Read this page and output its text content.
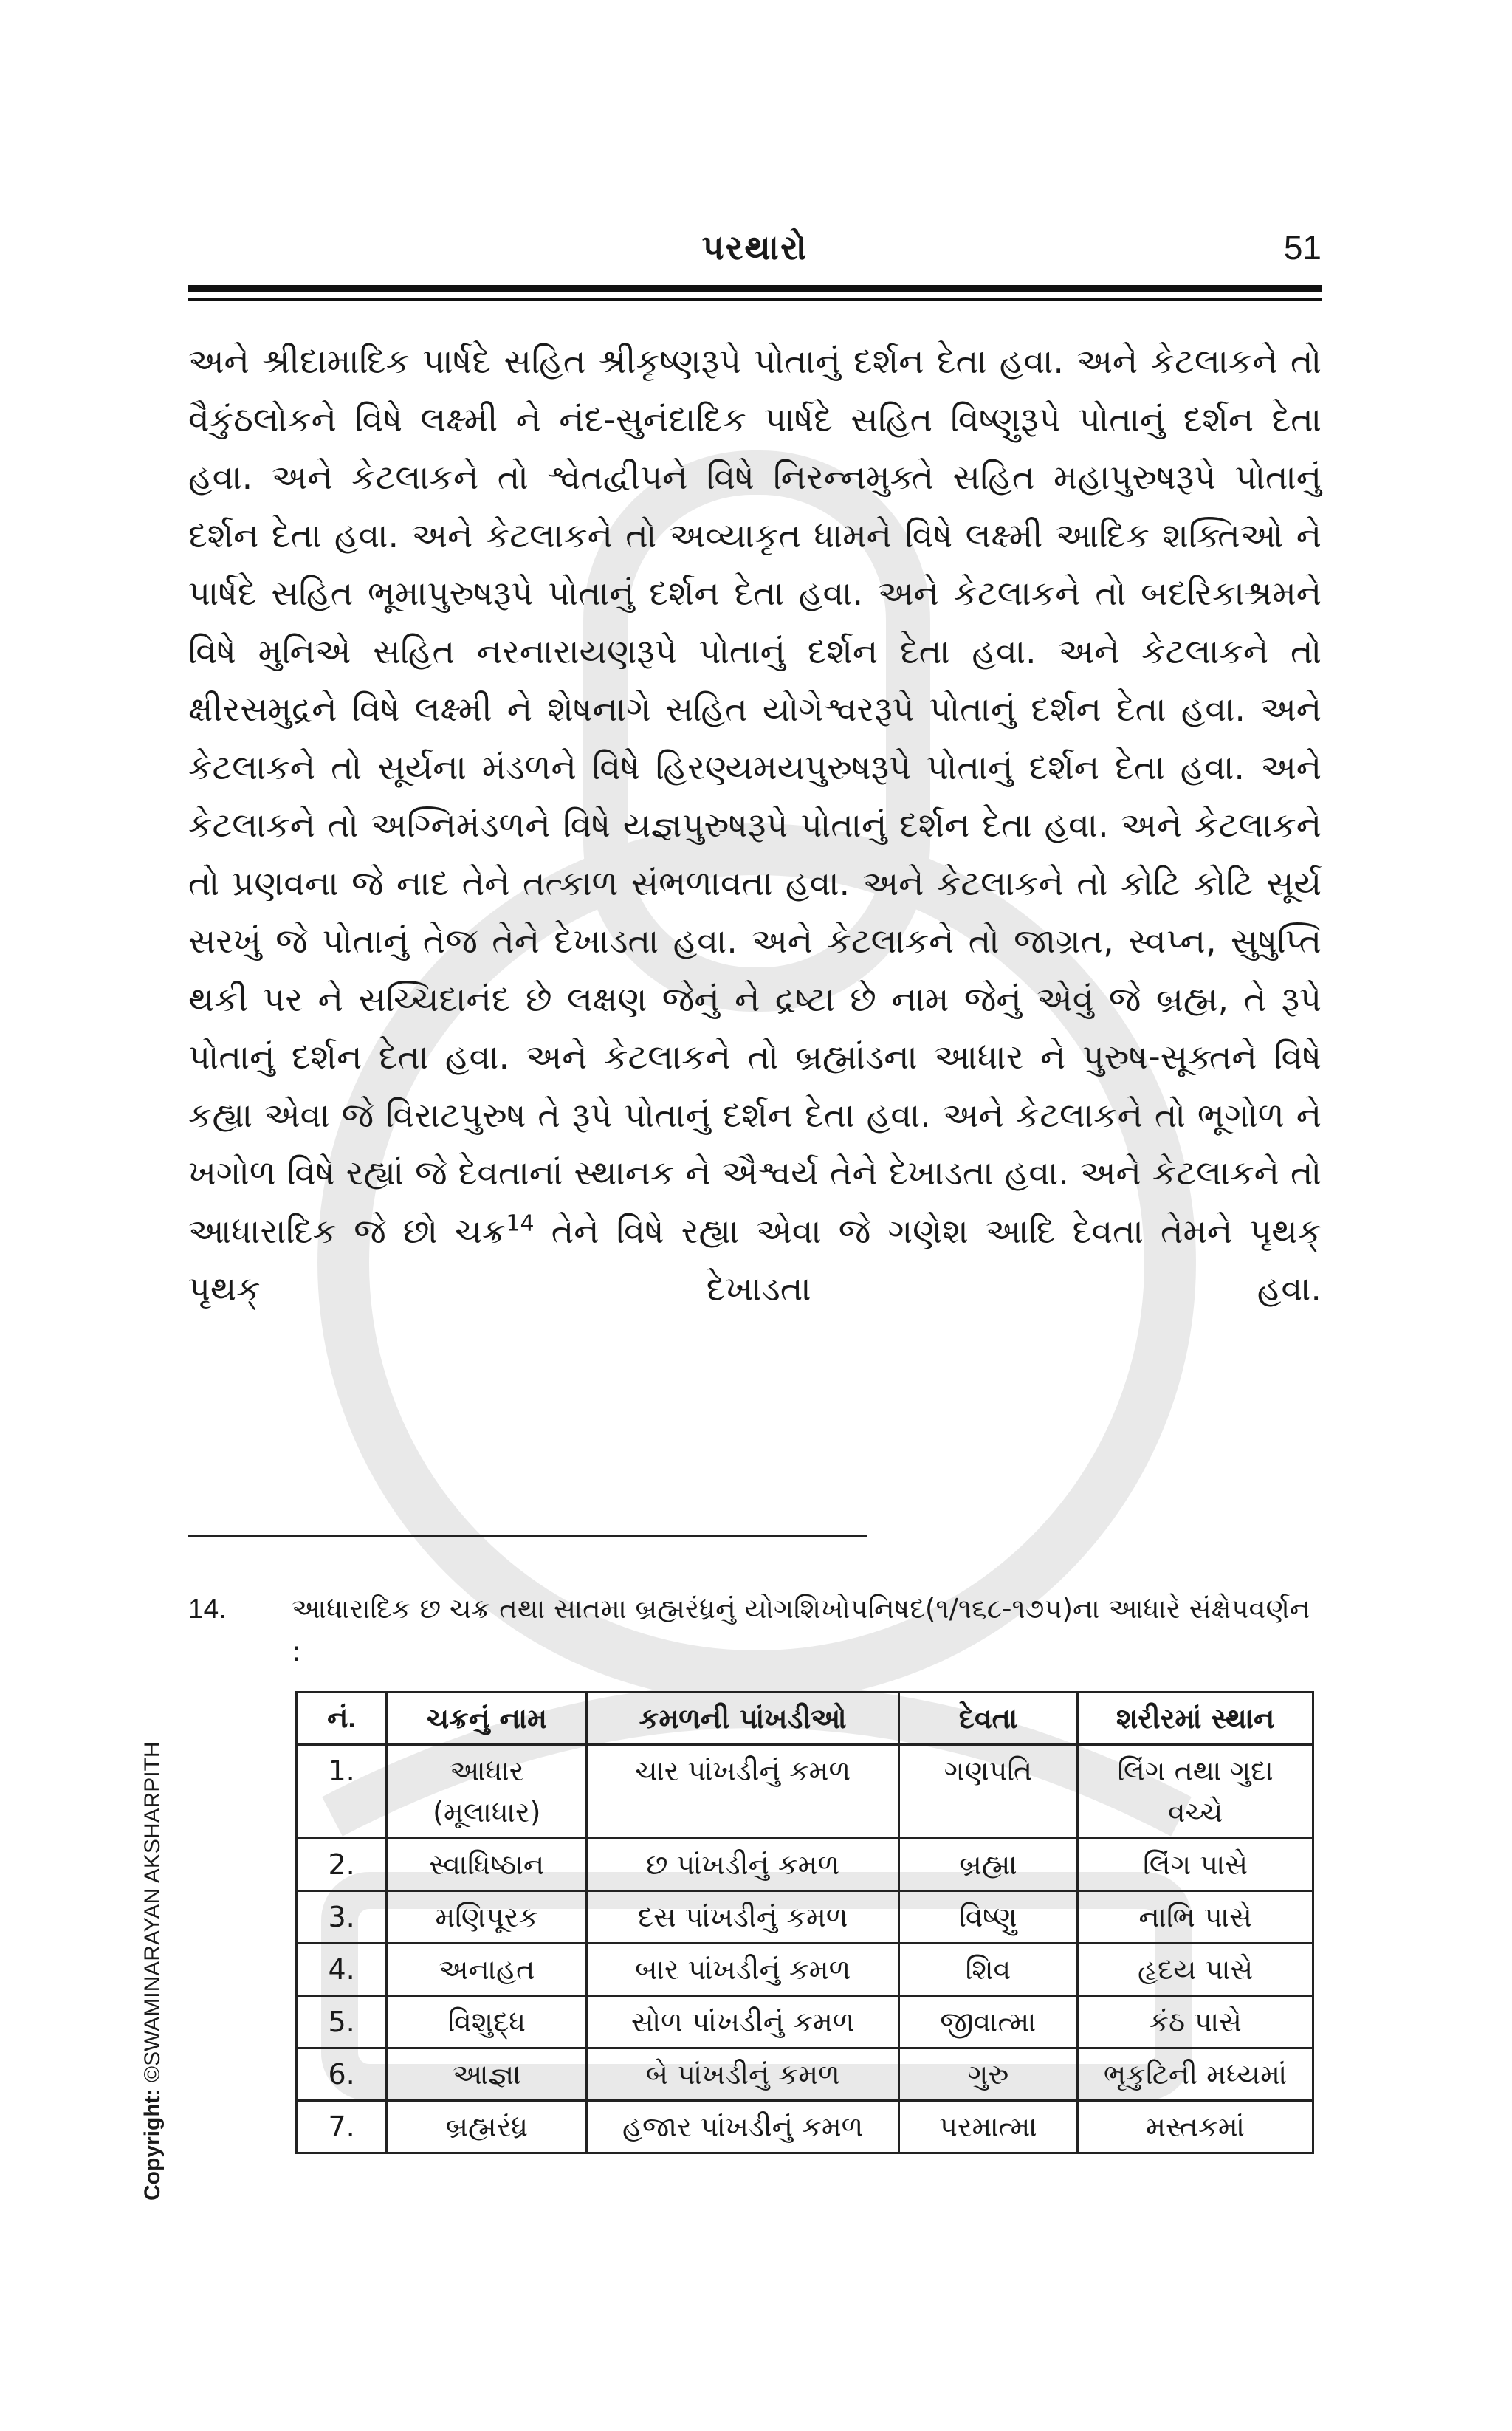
પરથારો	51

અને શ્રીદામાદિક પાર્ષદે સહિત શ્રીકૃષ્ણરૂપે પોતાનું દર્શન દેતા હવા. અને કેટલાકને તો વૈકુંઠલોકને વિષે લક્ષ્મી ને નંદ-સુનંદાદિક પાર્ષદે સહિત વિષ્ણુરૂપે પોતાનું દર્શન દેતા હવા. અને કેટલાકને તો શ્વેતદ્વીપને વિષે નિરન્નમુક્તે સહિત મહાપુરુષરૂપે પોતાનું દર્શન દેતા હવા. અને કેટલાકને તો અવ્યાકૃત ધામને વિષે લક્ષ્મી આદિક શક્તિઓ ને પાર્ષદે સહિત ભૂમાપુરુષરૂપે પોતાનું દર્શન દેતા હવા. અને કેટલાકને તો બદરિકાશ્રમને વિષે મુનિએ સહિત નરનારાયણરૂપે પોતાનું દર્શન દેતા હવા. અને કેટલાકને તો ક્ષીરસમુદ્રને વિષે લક્ષ્મી ને શેષનાગે સહિત યોગેશ્વરરૂપે પોતાનું દર્શન દેતા હવા. અને કેટલાકને તો સૂર્યના મંડળને વિષે હિરણ્યમયપુરુષરૂપે પોતાનું દર્શન દેતા હવા. અને કેટલાકને તો અગ્નિમંડળને વિષે યજ્ઞપુરુષરૂપે પોતાનું દર્શન દેતા હવા. અને કેટલાકને તો પ્રણવના જે નાદ તેને તત્કાળ સંભળાવતા હવા. અને કેટલાકને તો કોટિ કોટિ સૂર્ય સરખું જે પોતાનું તેજ તેને દેખાડતા હવા. અને કેટલાકને તો જાગ્રત, સ્વપ્ન, સુષુપ્તિ થકી પર ને સચ્ચિદાનંદ છે લક્ષણ જેનું ને દ્રષ્ટા છે નામ જેનું એવું જે બ્રહ્મ, તે રૂપે પોતાનું દર્શન દેતા હવા. અને કેટલાકને તો બ્રહ્માંડના આધાર ને પુરુષ-સૂક્તને વિષે કહ્યા એવા જે વિરાટપુરુષ તે રૂપે પોતાનું દર્શન દેતા હવા. અને કેટલાકને તો ભૂગોળ ને ખગોળ વિષે રહ્યાં જે દેવતાનાં સ્થાનક ને ઐશ્વર્ય તેને દેખાડતા હવા. અને કેટલાકને તો આધારાદિક જે છો ચક્ર$^{14}$ તેને વિષે રહ્યા એવા જે ગણેશ આદિ દેવતા તેમને પૃથક્ પૃથક્ દેખાડતા હવા.

14.	આધારાદિક છ ચક્ર તથા સાતમા બ્રહ્મરંધ્રનું યોગશિખોપનિષદ(૧/૧૬૮-૧૭૫)ના આધારે સંક્ષેપવર્ણન :
નં.	ચક્રનું નામ	કમળની પાંખડીઓ	દેવતા	શરીરમાં સ્થાન
1.	આધાર (મૂલાધાર)	ચાર પાંખડીનું કમળ	ગણપતિ	લિંગ તથા ગુદા વચ્ચે
2.	સ્વાધિષ્ઠાન	છ પાંખડીનું કમળ	બ્રહ્મા	લિંગ પાસે
3.	મણિપૂરક	દસ પાંખડીનું કમળ	વિષ્ણુ	નાભિ પાસે
4.	અનાહત	બાર પાંખડીનું કમળ	શિવ	હૃદય પાસે
5.	વિશુદ્ધ	સોળ પાંખડીનું કમળ	જીવાત્મા	કંઠ પાસે
6.	આજ્ઞા	બે પાંખડીનું કમળ	ગુરુ	ભૃકુટિની મધ્યમાં
7.	બ્રહ્મરંધ્ર	હજાર પાંખડીનું કમળ	પરમાત્મા	મસ્તકમાં
Copyright: ©SWAMINARAYAN AKSHARPITH
